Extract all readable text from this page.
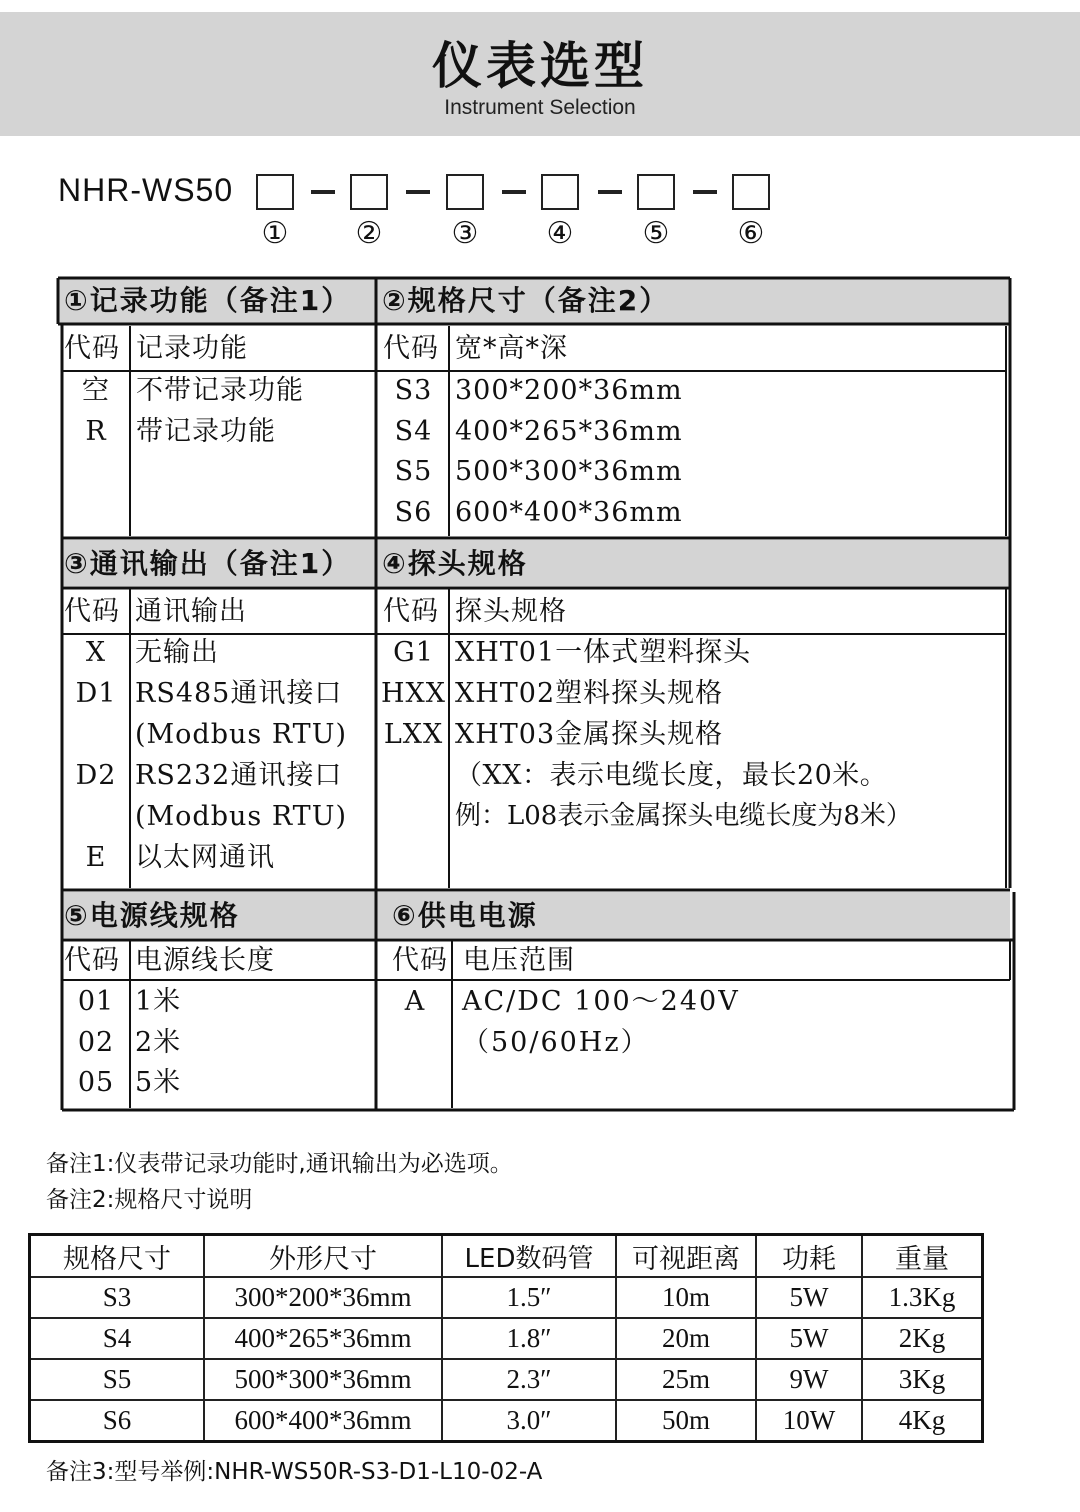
仪表选型
Instrument Selection
NHR-WS50
① ② ③ ④ ⑤ ⑥
①记录功能（备注1）
代码 记录功能
空 不带记录功能
R	带记录功能
②规格尺寸（备注2）
代码 宽*高*深
S3 300*200*36mm
S4 400*265*36mm
S5 500*300*36mm
S6 600*400*36mm
③通讯输出（备注1）
代码 通讯输出
X	无输出
D1 RS485通讯接口
(Modbus RTU)
D2 RS232通讯接口
(Modbus RTU)
E	以太网通讯
④探头规格
代码 探头规格
G1 XHT01一体式塑料探头
HXX XHT02塑料探头规格
LXX XHT03金属探头规格
（XX：表示电缆长度，最长20米。
例：L08表示金属探头电缆长度为8米）
⑤电源线规格
代码 电源线长度
01 1米
02 2米
05 5米
⑥供电电源
代码 电压范围
A	AC/DC 100～240V
（50/60Hz）
备注1:仪表带记录功能时,通讯输出为必选项。
备注2:规格尺寸说明
规格尺寸	外形尺寸	LED数码管	可视距离	功耗	重量
S3	300*200*36mm	1.5″	10m	5W	1.3Kg
S4	400*265*36mm	1.8″	20m	5W	2Kg
S5	500*300*36mm	2.3″	25m	9W	3Kg
S6	600*400*36mm	3.0″	50m	10W	4Kg
备注3:型号举例:NHR-WS50R-S3-D1-L10-02-A
